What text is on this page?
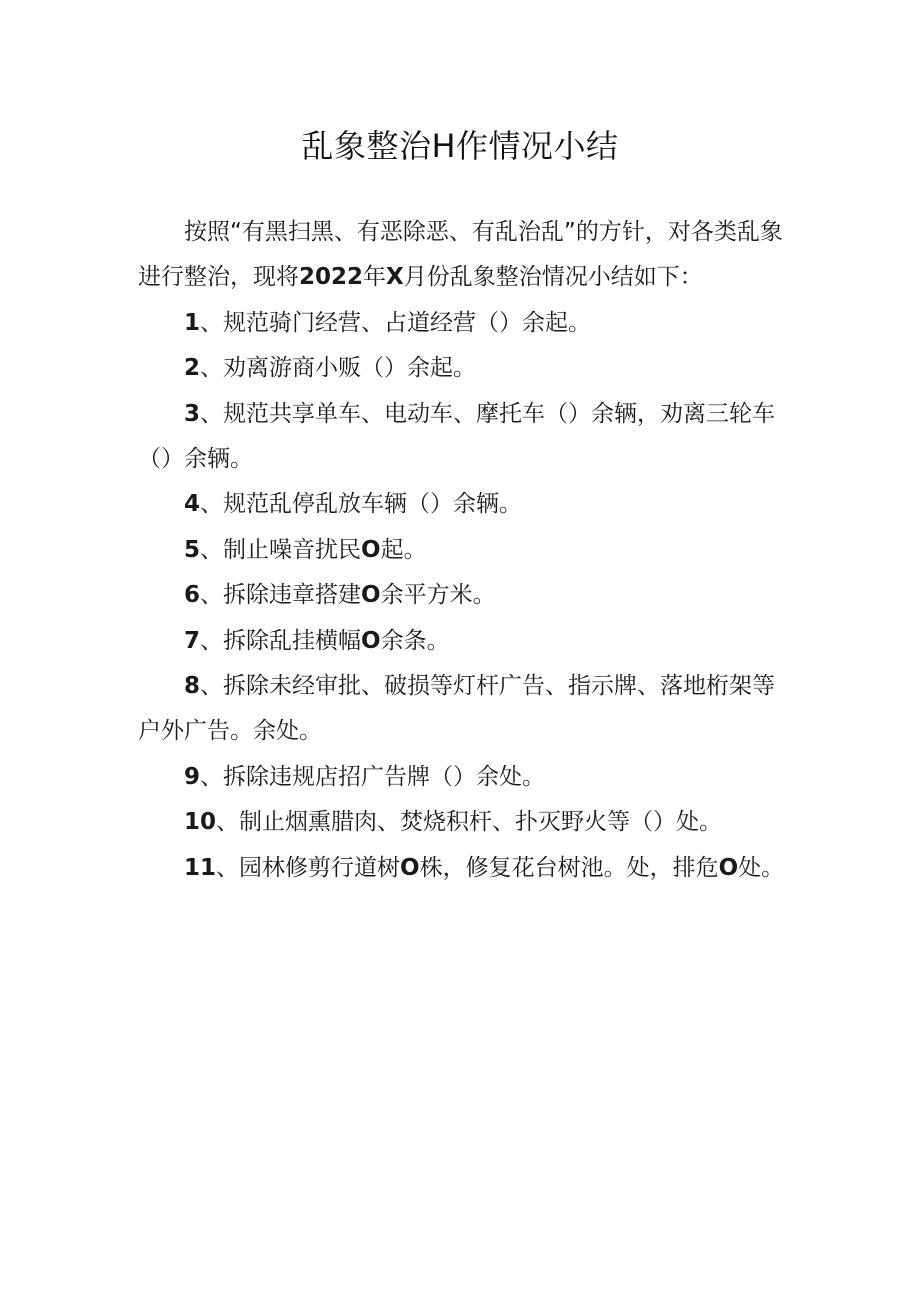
乱象整治H作情况小结

按照“有黑扫黑、有恶除恶、有乱治乱”的方针，对各类乱象进行整治，现将2022年X月份乱象整治情况小结如下：

1、规范骑门经营、占道经营（）余起。

2、劝离游商小贩（）余起。

3、规范共享单车、电动车、摩托车（）余辆，劝离三轮车（）余辆。

4、规范乱停乱放车辆（）余辆。

5、制止噪音扰民O起。

6、拆除违章搭建O余平方米。

7、拆除乱挂横幅O余条。

8、拆除未经审批、破损等灯杆广告、指示牌、落地桁架等户外广告。余处。

9、拆除违规店招广告牌（）余处。

10、制止烟熏腊肉、焚烧积杆、扑灭野火等（）处。

11、园林修剪行道树O株，修复花台树池。处，排危O处。
